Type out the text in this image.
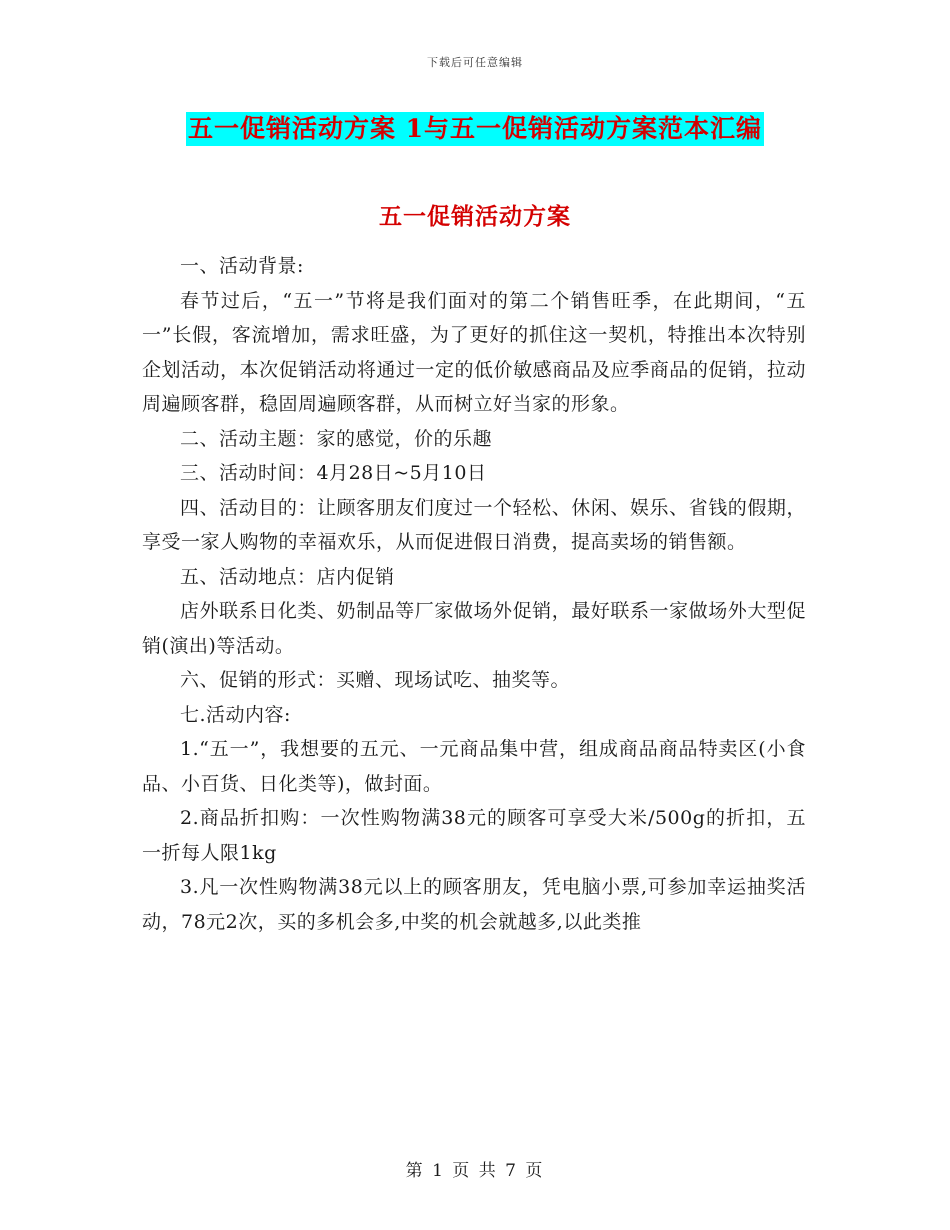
下载后可任意编辑
五一促销活动方案 1与五一促销活动方案范本汇编
五一促销活动方案

一、活动背景:

春节过后，“五一”节将是我们面对的第二个销售旺季，在此期间，“五一”长假，客流增加，需求旺盛，为了更好的抓住这一契机，特推出本次特别企划活动，本次促销活动将通过一定的低价敏感商品及应季商品的促销，拉动周遍顾客群，稳固周遍顾客群，从而树立好当家的形象。

二、活动主题：家的感觉，价的乐趣

三、活动时间：4月28日~5月10日

四、活动目的：让顾客朋友们度过一个轻松、休闲、娱乐、省钱的假期，享受一家人购物的幸福欢乐，从而促进假日消费，提高卖场的销售额。

五、活动地点：店内促销

店外联系日化类、奶制品等厂家做场外促销，最好联系一家做场外大型促销(演出)等活动。

六、促销的形式：买赠、现场试吃、抽奖等。

七.活动内容:

1.“五一”，我想要的五元、一元商品集中营，组成商品商品特卖区(小食品、小百货、日化类等)，做封面。

2.商品折扣购：一次性购物满38元的顾客可享受大米/500g的折扣，五一折每人限1kg

3.凡一次性购物满38元以上的顾客朋友，凭电脑小票,可参加幸运抽奖活动，78元2次，买的多机会多,中奖的机会就越多,以此类推

第 1 页 共 7 页
